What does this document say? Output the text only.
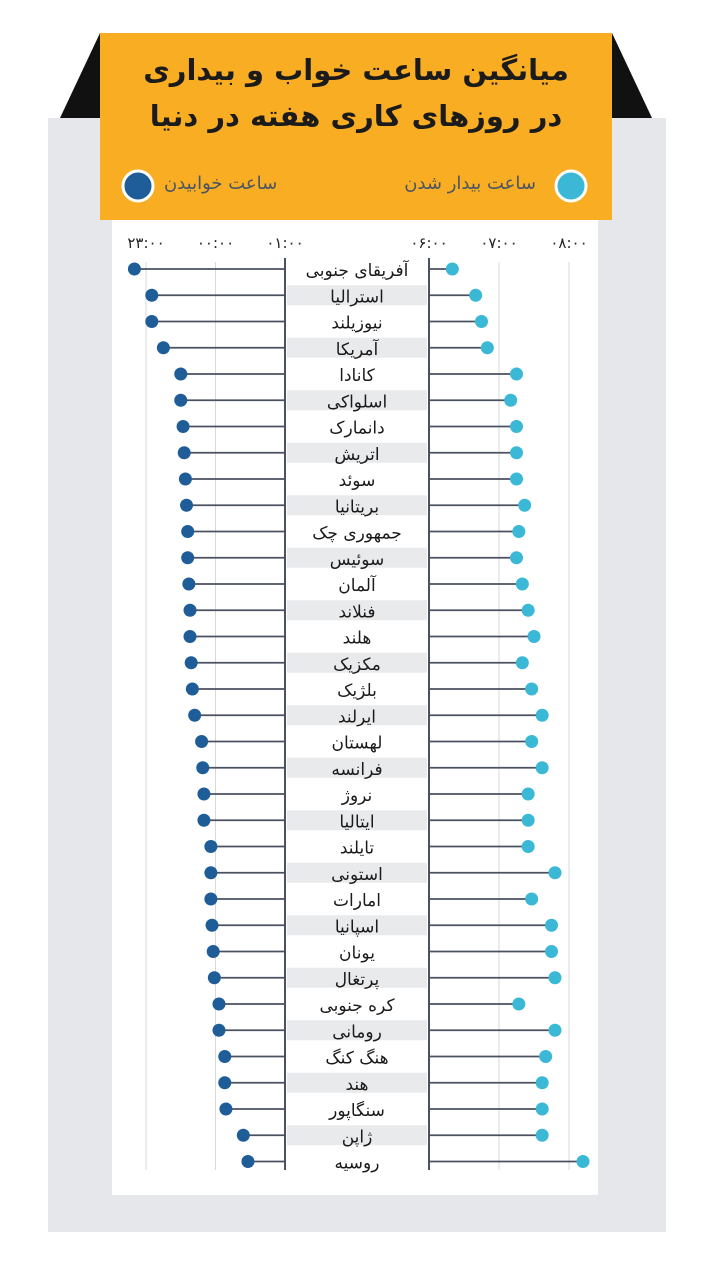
۲۳:۰۰ ۰۰:۰۰ ۰۱:۰۰	۰۶:۰۰ ۰۷:۰۰ ۰۸:۰۰
آفریقای جنوبی
استرالیا
نیوزیلند
آمریکا
کانادا
اسلواکی
دانمارک
اتریش
سوئد
بریتانیا
جمهوری چک
سوئیس
آلمان
فنلاند
هلند
مکزیک
بلژیک
ایرلند
لهستان
فرانسه
نروژ
ایتالیا
تایلند
استونی
امارات
اسپانیا
یونان
پرتغال
کره جنوبی
رومانی
هنگ کنگ
هند
سنگاپور
ژاپن
روسیه
میانگین ساعت خواب و بیداری
در روزهای کاری هفته در دنیا
ساعت بیدار شدن
ساعت خوابیدن
